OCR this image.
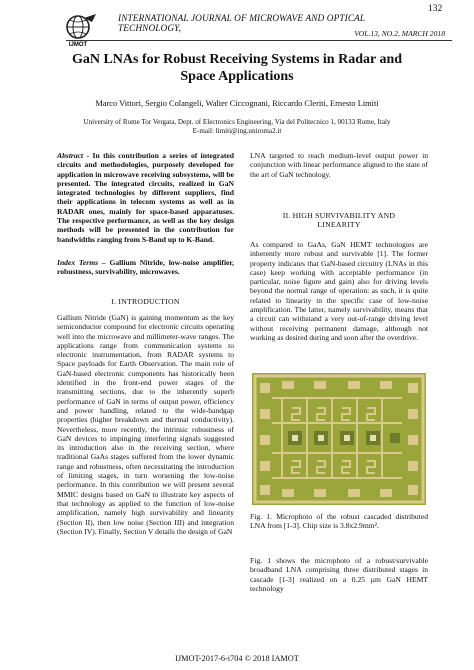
IJMOT
INTERNATIONAL JOURNAL OF MICROWAVE AND OPTICAL TECHNOLOGY,	VOL.13, NO.2, MARCH 2018
132
GaN LNAs for Robust Receiving Systems in Radar and
Space Applications
Marco Vittori, Sergio Colangeli, Walter Ciccognani, Riccardo Cleriti, Ernesto Limiti
University of Rome Tor Vergata, Dept. of Electronics Engineering, Via del Politecnico 1, 00133 Rome, Italy
E-mail: limiti@ing.uniroma2.it
Abstract - In this contribution a series of integrated circuits and methodologies, purposely developed for application in microwave receiving subsystems, will be presented. The integrated circuits, realized in GaN integrated technologies by different suppliers, find their applications in telecom systems as well as in RADAR ones, mainly for space-based apparatuses. The respective performance, as well as the key design methods will be presented in the contribution for bandwidths ranging from S-Band up to K-Band.
Index Terms – Gallium Nitride, low-noise amplifier, robustness, survivability, microwaves.
I. INTRODUCTION
Gallium Nitride (GaN) is gaining momentum as the key semiconductor compound for electronic circuits operating well into the microwave and millimeter-wave ranges. The applications range from communication systems to electronic instrumentation, from RADAR systems to Space payloads for Earth Observation. The main role of GaN-based electronic components has historically been identified in the front-end power stages of the transmitting sections, due to the inherently superb performance of GaN in terms of output power, efficiency and power handling, related to the wide-bandgap properties (higher breakdown and thermal conductivity). Nevertheless, more recently, the intrinsic robustness of GaN devices to impinging interfering signals suggested its introduction also in the receiving section, where traditional GaAs stages suffered from the lower dynamic range and robustness, often necessitating the introduction of limiting stages, in turn worsening the low-noise performance. In this contribution we will present several MMIC designs based on GaN to illustrate key aspects of that technology as applied to the function of low-noise amplification, namely high survivability and linearity (Section II), then low noise (Section III) and integration (Section IV). Finally, Section V details the design of GaN
LNA targeted to reach medium-level output power in conjunction with linear performance aligned to the state of the art of GaN technology.
II. HIGH SURVIVABILITY AND
LINEARITY
As compared to GaAs, GaN HEMT technologies are inherently more robust and survivable [1]. The former property indicates that GaN-based circuitry (LNAs in this case) keep working with acceptable performance (in particular, noise figure and gain) also for driving levels beyond the normal range of operation: as such, it is quite related to linearity in the specific case of low-noise amplification. The latter, namely survivability, means that a circuit can withstand a very out-of-range driving level without receiving permanent damage, although not working as desired during and soon after the overdrive.
Fig. 1. Microphoto of the robust cascaded distributed LNA from [1-3]. Chip size is 3.8x2.9mm².
Fig. 1 shows the microphoto of a robust/survivable broadband LNA comprising three distributed stages in cascade [1-3] realized on a 0.25 µm GaN HEMT technology
IJMOT-2017-6-i704 © 2018 IAMOT
